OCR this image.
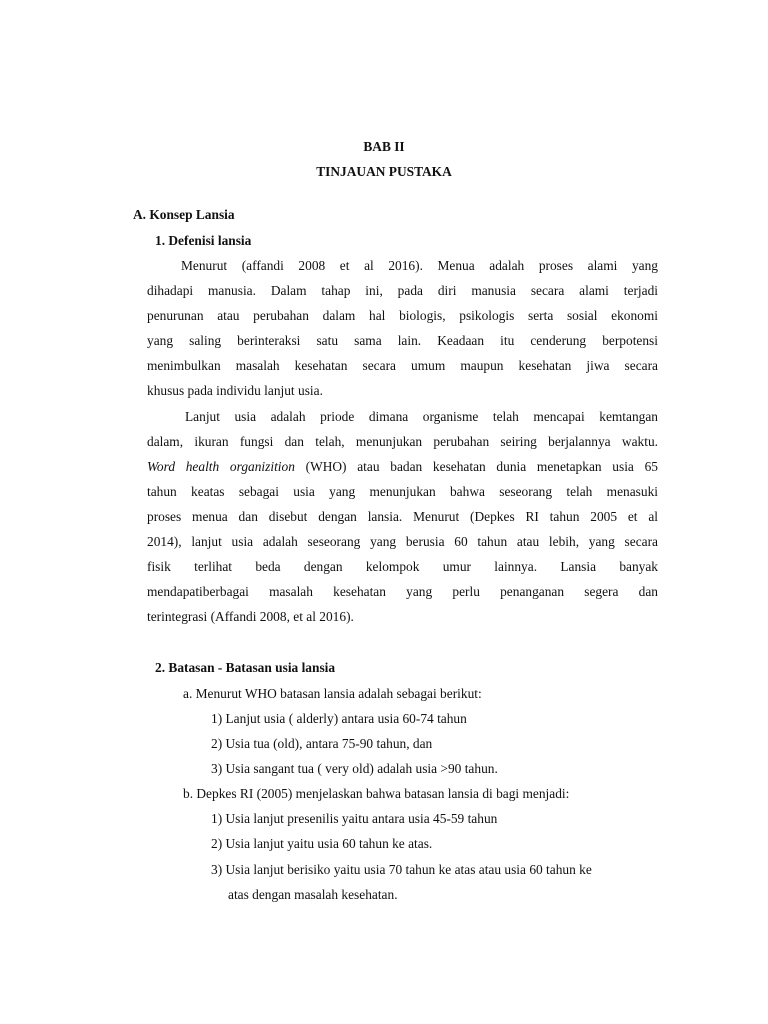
BAB II
TINJAUAN PUSTAKA
A. Konsep Lansia
1. Defenisi lansia
Menurut (affandi 2008 et al 2016). Menua adalah proses alami yang
dihadapi manusia. Dalam tahap ini, pada diri manusia secara alami terjadi
penurunan atau perubahan dalam hal biologis, psikologis serta sosial ekonomi
yang saling berinteraksi satu sama lain. Keadaan itu cenderung berpotensi
menimbulkan masalah kesehatan secara umum maupun kesehatan jiwa secara
khusus pada individu lanjut usia.
Lanjut usia adalah priode dimana organisme telah mencapai kemtangan
dalam, ikuran fungsi dan telah, menunjukan perubahan seiring berjalannya waktu.
Word health organizition (WHO) atau badan kesehatan dunia menetapkan usia 65
tahun keatas sebagai usia yang menunjukan bahwa seseorang telah menasuki
proses menua dan disebut dengan lansia. Menurut (Depkes RI tahun 2005 et al
2014), lanjut usia adalah seseorang yang berusia 60 tahun atau lebih, yang secara
fisik terlihat beda dengan kelompok umur lainnya. Lansia banyak
mendapatiberbagai masalah kesehatan yang perlu penanganan segera dan
terintegrasi (Affandi 2008, et al 2016).
2. Batasan - Batasan usia lansia
a. Menurut WHO batasan lansia adalah sebagai berikut:
1) Lanjut usia ( alderly) antara usia 60-74 tahun
2) Usia tua (old), antara 75-90 tahun, dan
3) Usia sangant tua ( very old) adalah usia >90 tahun.
b. Depkes RI (2005) menjelaskan bahwa batasan lansia di bagi menjadi:
1) Usia lanjut presenilis yaitu antara usia 45-59 tahun
2) Usia lanjut yaitu usia 60 tahun ke atas.
3) Usia lanjut berisiko yaitu usia 70 tahun ke atas atau usia 60 tahun ke
atas dengan masalah kesehatan.
